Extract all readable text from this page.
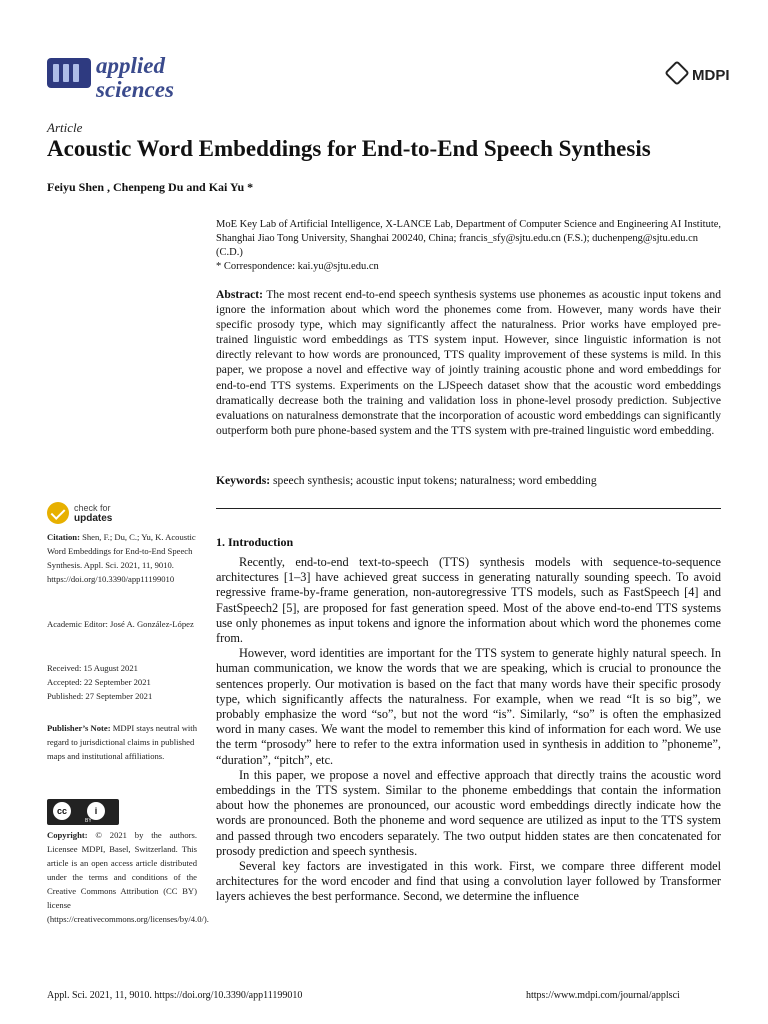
applied
sciences
MDPI
Article
Acoustic Word Embeddings for End-to-End Speech Synthesis
Feiyu Shen , Chenpeng Du and Kai Yu *
MoE Key Lab of Artificial Intelligence, X-LANCE Lab, Department of Computer Science and Engineering AI Institute, Shanghai Jiao Tong University, Shanghai 200240, China; francis_sfy@sjtu.edu.cn (F.S.); duchenpeng@sjtu.edu.cn (C.D.)
* Correspondence: kai.yu@sjtu.edu.cn
Abstract: The most recent end-to-end speech synthesis systems use phonemes as acoustic input tokens and ignore the information about which word the phonemes come from. However, many words have their specific prosody type, which may significantly affect the naturalness. Prior works have employed pre-trained linguistic word embeddings as TTS system input. However, since linguistic information is not directly relevant to how words are pronounced, TTS quality improvement of these systems is mild. In this paper, we propose a novel and effective way of jointly training acoustic phone and word embeddings for end-to-end TTS systems. Experiments on the LJSpeech dataset show that the acoustic word embeddings dramatically decrease both the training and validation loss in phone-level prosody prediction. Subjective evaluations on naturalness demonstrate that the incorporation of acoustic word embeddings can significantly outperform both pure phone-based system and the TTS system with pre-trained linguistic word embedding.
Keywords: speech synthesis; acoustic input tokens; naturalness; word embedding
check for
updates
Citation: Shen, F.; Du, C.; Yu, K. Acoustic Word Embeddings for End-to-End Speech Synthesis. Appl. Sci. 2021, 11, 9010. https://doi.org/10.3390/app11199010
Academic Editor: José A. González-López
Received: 15 August 2021
Accepted: 22 September 2021
Published: 27 September 2021
Publisher’s Note: MDPI stays neutral with regard to jurisdictional claims in published maps and institutional affiliations.
cc	i
BY
Copyright: © 2021 by the authors. Licensee MDPI, Basel, Switzerland. This article is an open access article distributed under the terms and conditions of the Creative Commons Attribution (CC BY) license (https://creativecommons.org/licenses/by/4.0/).
1. Introduction

Recently, end-to-end text-to-speech (TTS) synthesis models with sequence-to-sequence architectures [1–3] have achieved great success in generating naturally sounding speech. To avoid regressive frame-by-frame generation, non-autoregressive TTS models, such as FastSpeech [4] and FastSpeech2 [5], are proposed for fast generation speed. Most of the above end-to-end TTS systems use only phonemes as input tokens and ignore the information about which word the phonemes come from.

However, word identities are important for the TTS system to generate highly natural speech. In human communication, we know the words that we are speaking, which is crucial to pronounce the sentences properly. Our motivation is based on the fact that many words have their specific prosody type, which significantly affects the naturalness. For example, when we read “It is so big”, we probably emphasize the word “so”, but not the word “is”. Similarly, “so” is often the emphasized word in many cases. We want the model to remember this kind of information for each word. We use the term “prosody” here to refer to the extra information used in synthesis in addition to ”phoneme”, “duration”, “pitch”, etc.

In this paper, we propose a novel and effective approach that directly trains the acoustic word embeddings in the TTS system. Similar to the phoneme embeddings that contain the information about how the phonemes are pronounced, our acoustic word embeddings directly indicate how the words are pronounced. Both the phoneme and word sequence are utilized as input to the TTS system and passed through two encoders separately. The two output hidden states are then concatenated for prosody prediction and speech synthesis.

Several key factors are investigated in this work. First, we compare three different model architectures for the word encoder and find that using a convolution layer followed by Transformer layers achieves the best performance. Second, we determine the influence

Appl. Sci. 2021, 11, 9010. https://doi.org/10.3390/app11199010	https://www.mdpi.com/journal/applsci
